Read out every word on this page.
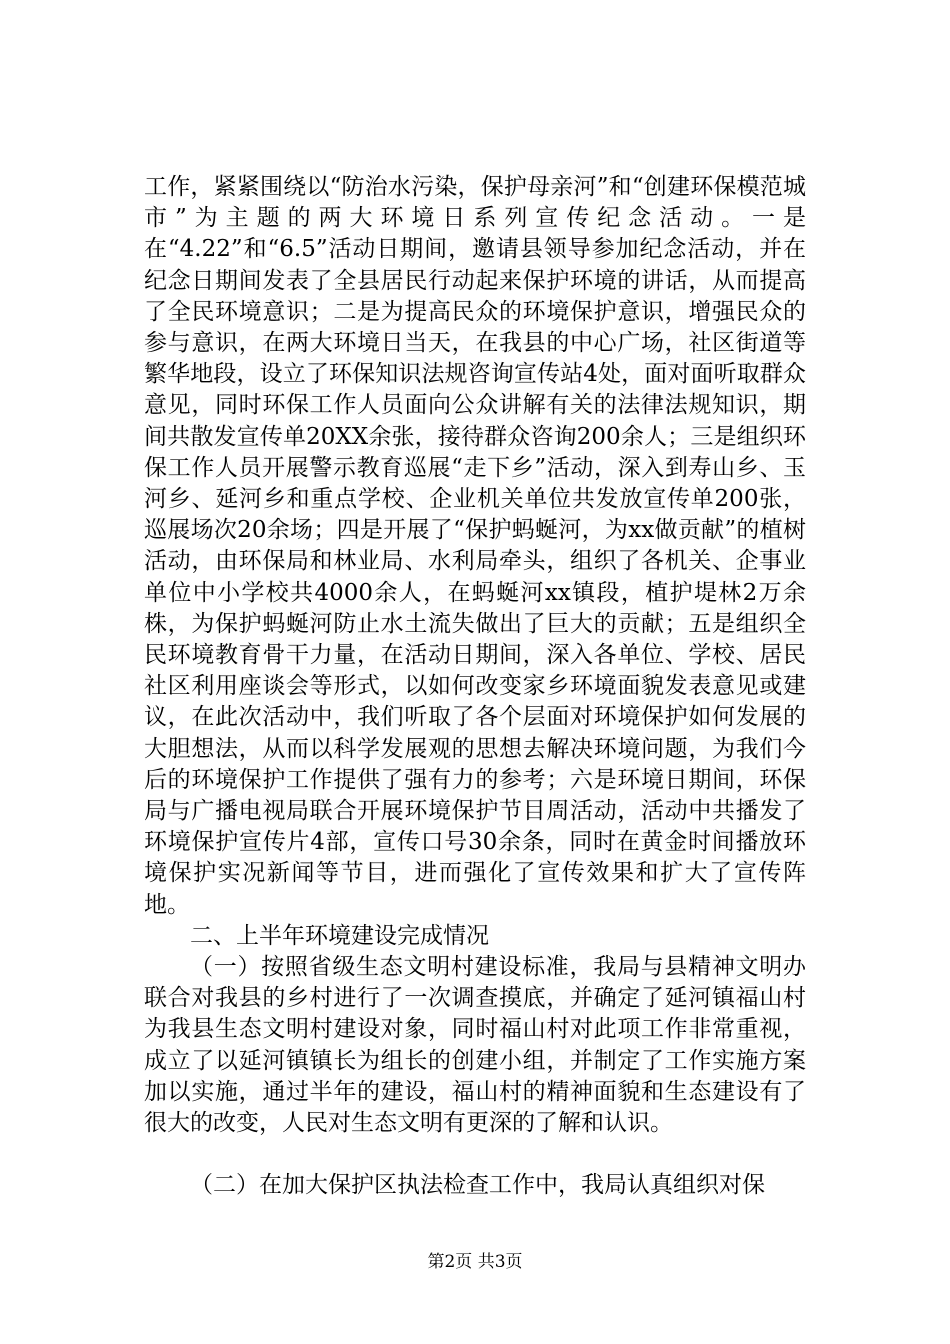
工作，紧紧围绕以“防治水污染，保护母亲河”和“创建环保模范城市”为主题的两大环境日系列宣传纪念活动。一是在“4.22”和“6.5”活动日期间，邀请县领导参加纪念活动，并在纪念日期间发表了全县居民行动起来保护环境的讲话，从而提高了全民环境意识；二是为提高民众的环境保护意识，增强民众的参与意识，在两大环境日当天，在我县的中心广场，社区街道等繁华地段，设立了环保知识法规咨询宣传站4处，面对面听取群众意见，同时环保工作人员面向公众讲解有关的法律法规知识，期间共散发宣传单20XX余张，接待群众咨询200余人；三是组织环保工作人员开展警示教育巡展“走下乡”活动，深入到寿山乡、玉河乡、延河乡和重点学校、企业机关单位共发放宣传单200张，巡展场次20余场；四是开展了“保护蚂蜒河，为xx做贡献”的植树活动，由环保局和林业局、水利局牵头，组织了各机关、企事业单位中小学校共4000余人，在蚂蜒河xx镇段，植护堤林2万余株，为保护蚂蜒河防止水土流失做出了巨大的贡献；五是组织全民环境教育骨干力量，在活动日期间，深入各单位、学校、居民社区利用座谈会等形式，以如何改变家乡环境面貌发表意见或建议，在此次活动中，我们听取了各个层面对环境保护如何发展的大胆想法，从而以科学发展观的思想去解决环境问题，为我们今后的环境保护工作提供了强有力的参考；六是环境日期间，环保局与广播电视局联合开展环境保护节目周活动，活动中共播发了环境保护宣传片4部，宣传口号30余条，同时在黄金时间播放环境保护实况新闻等节目，进而强化了宣传效果和扩大了宣传阵地。

二、上半年环境建设完成情况

（一）按照省级生态文明村建设标准，我局与县精神文明办联合对我县的乡村进行了一次调查摸底，并确定了延河镇福山村为我县生态文明村建设对象，同时福山村对此项工作非常重视，成立了以延河镇镇长为组长的创建小组，并制定了工作实施方案加以实施，通过半年的建设，福山村的精神面貌和生态建设有了很大的改变，人民对生态文明有更深的了解和认识。

（二）在加大保护区执法检查工作中，我局认真组织对保

第2页 共3页
